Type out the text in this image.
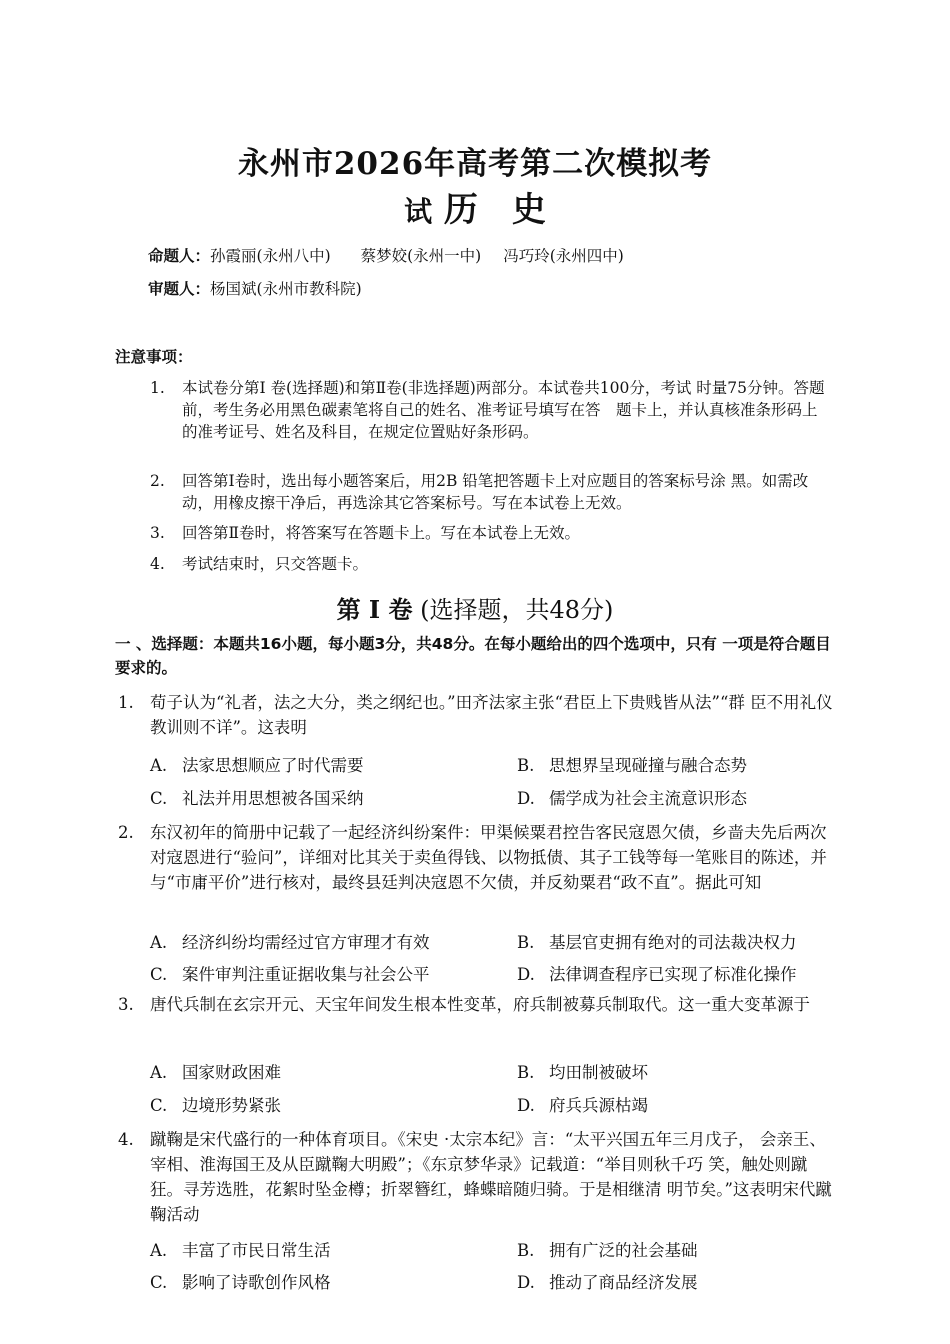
永州市2026年高考第二次模拟考
试 历　史
命题人：孙霞丽(永州八中) 蔡梦姣(永州一中) 冯巧玲(永州四中)
审题人：杨国斌(永州市教科院)
注意事项：
1.	本试卷分第Ⅰ 卷(选择题)和第Ⅱ卷(非选择题)两部分。本试卷共100分，考试 时量75分钟。答题前，考生务必用黑色碳素笔将自己的姓名、准考证号填写在答　题卡上，并认真核准条形码上的准考证号、姓名及科目，在规定位置贴好条形码。
2.	回答第Ⅰ卷时，选出每小题答案后，用2B 铅笔把答题卡上对应题目的答案标号涂 黑。如需改动，用橡皮擦干净后，再选涂其它答案标号。写在本试卷上无效。
3.	回答第Ⅱ卷时，将答案写在答题卡上。写在本试卷上无效。
4.	考试结束时，只交答题卡。
第 I 卷 (选择题，共48分)
一 、选择题：本题共16小题，每小题3分，共48分。在每小题给出的四个选项中，只有 一项是符合题目要求的。
1. 荀子认为“礼者，法之大分，类之纲纪也。”田齐法家主张“君臣上下贵贱皆从法”“群 臣不用礼仪教训则不详”。这表明
A. 法家思想顺应了时代需要	B. 思想界呈现碰撞与融合态势
C. 礼法并用思想被各国采纳	D. 儒学成为社会主流意识形态
2. 东汉初年的简册中记载了一起经济纠纷案件：甲渠候粟君控告客民寇恩欠债，乡啬夫先后两次对寇恩进行“验问”，详细对比其关于卖鱼得钱、以物抵债、其子工钱等每一笔账目的陈述，并与“市庸平价”进行核对，最终县廷判决寇恩不欠债，并反劾粟君“政不直”。据此可知
A. 经济纠纷均需经过官方审理才有效	B. 基层官吏拥有绝对的司法裁决权力
C. 案件审判注重证据收集与社会公平	D. 法律调查程序已实现了标准化操作
3. 唐代兵制在玄宗开元、天宝年间发生根本性变革，府兵制被募兵制取代。这一重大变革源于
A. 国家财政困难	B. 均田制被破坏
C. 边境形势紧张	D. 府兵兵源枯竭
4. 蹴鞠是宋代盛行的一种体育项目。《宋史 ·太宗本纪》言：“太平兴国五年三月戊子， 会亲王、宰相、淮海国王及从臣蹴鞠大明殿”；《东京梦华录》记载道：“举目则秋千巧 笑，触处则蹴狂。寻芳选胜，花絮时坠金樽；折翠簪红，蜂蝶暗随归骑。于是相继清 明节矣。”这表明宋代蹴鞠活动
A. 丰富了市民日常生活	B. 拥有广泛的社会基础
C. 影响了诗歌创作风格	D. 推动了商品经济发展
